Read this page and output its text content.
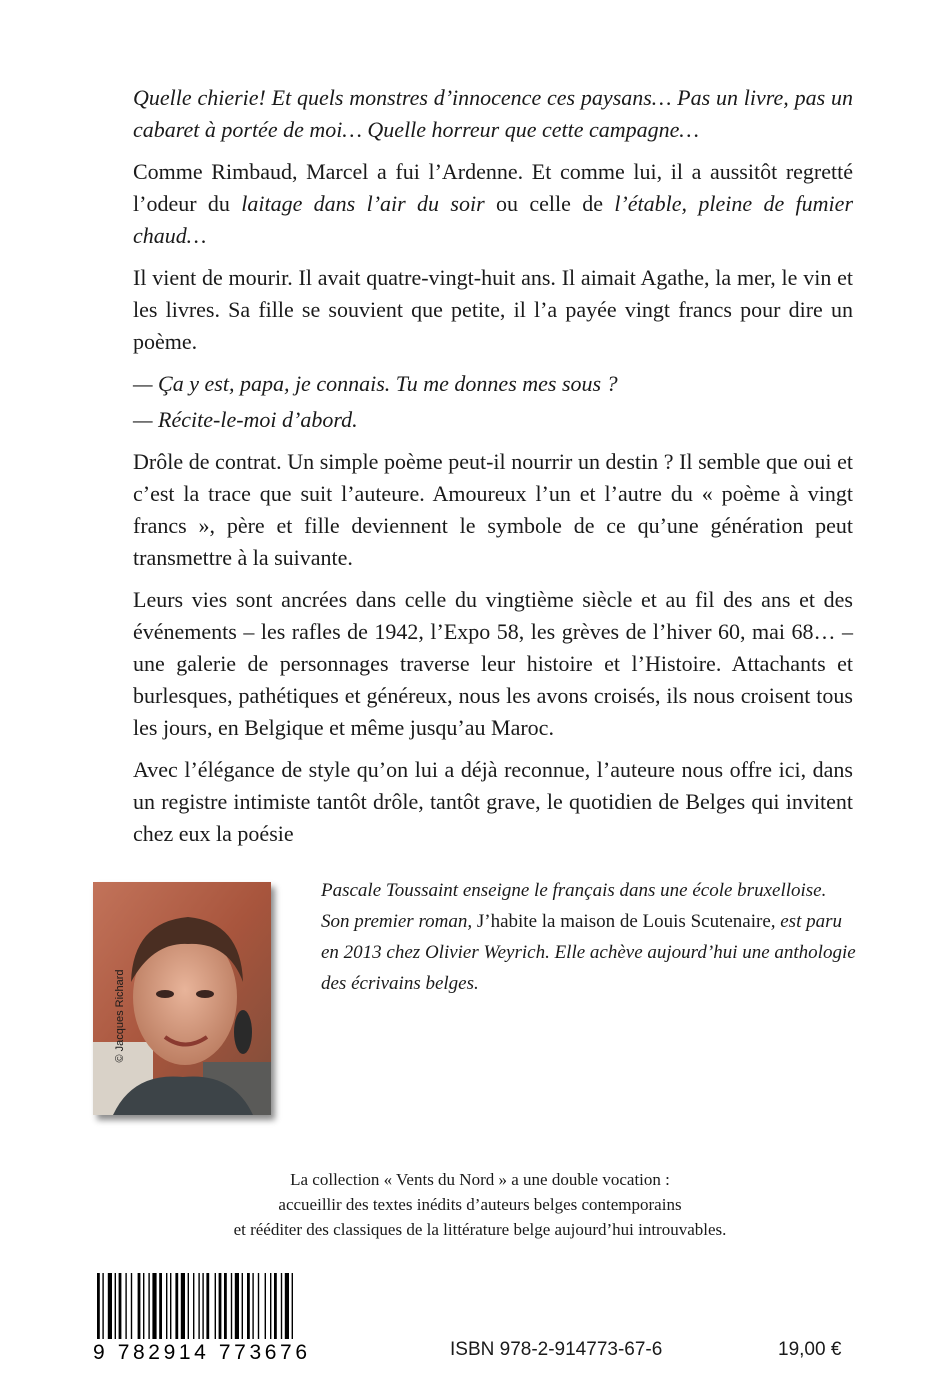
Quelle chierie! Et quels monstres d’innocence ces paysans… Pas un livre, pas un cabaret à portée de moi… Quelle horreur que cette campagne…

Comme Rimbaud, Marcel a fui l’Ardenne. Et comme lui, il a aussitôt regretté l’odeur du laitage dans l’air du soir ou celle de l’étable, pleine de fumier chaud…

Il vient de mourir. Il avait quatre-vingt-huit ans. Il aimait Agathe, la mer, le vin et les livres. Sa fille se souvient que petite, il l’a payée vingt francs pour dire un poème.

— Ça y est, papa, je connais. Tu me donnes mes sous ?

— Récite-le-moi d’abord.

Drôle de contrat. Un simple poème peut-il nourrir un destin ? Il semble que oui et c’est la trace que suit l’auteure. Amoureux l’un et l’autre du « poème à vingt francs », père et fille deviennent le symbole de ce qu’une génération peut transmettre à la suivante.

Leurs vies sont ancrées dans celle du vingtième siècle et au fil des ans et des événements – les rafles de 1942, l’Expo 58, les grèves de l’hiver 60, mai 68… – une galerie de personnages traverse leur histoire et l’Histoire. Attachants et burlesques, pathétiques et généreux, nous les avons croisés, ils nous croisent tous les jours, en Belgique et même jusqu’au Maroc.

Avec l’élégance de style qu’on lui a déjà reconnue, l’auteure nous offre ici, dans un registre intimiste tantôt drôle, tantôt grave, le quotidien de Belges qui invitent chez eux la poésie

© Jacques Richard
Pascale Toussaint enseigne le français dans une école bruxelloise. Son premier roman, J’habite la maison de Louis Scutenaire, est paru en 2013 chez Olivier Weyrich. Elle achève aujourd’hui une anthologie des écrivains belges.
La collection « Vents du Nord » a une double vocation :
accueillir des textes inédits d’auteurs belges contemporains
et rééditer des classiques de la littérature belge aujourd’hui introuvables.
9 782914 773676	ISBN 978-2-914773-67-6	19,00 €
